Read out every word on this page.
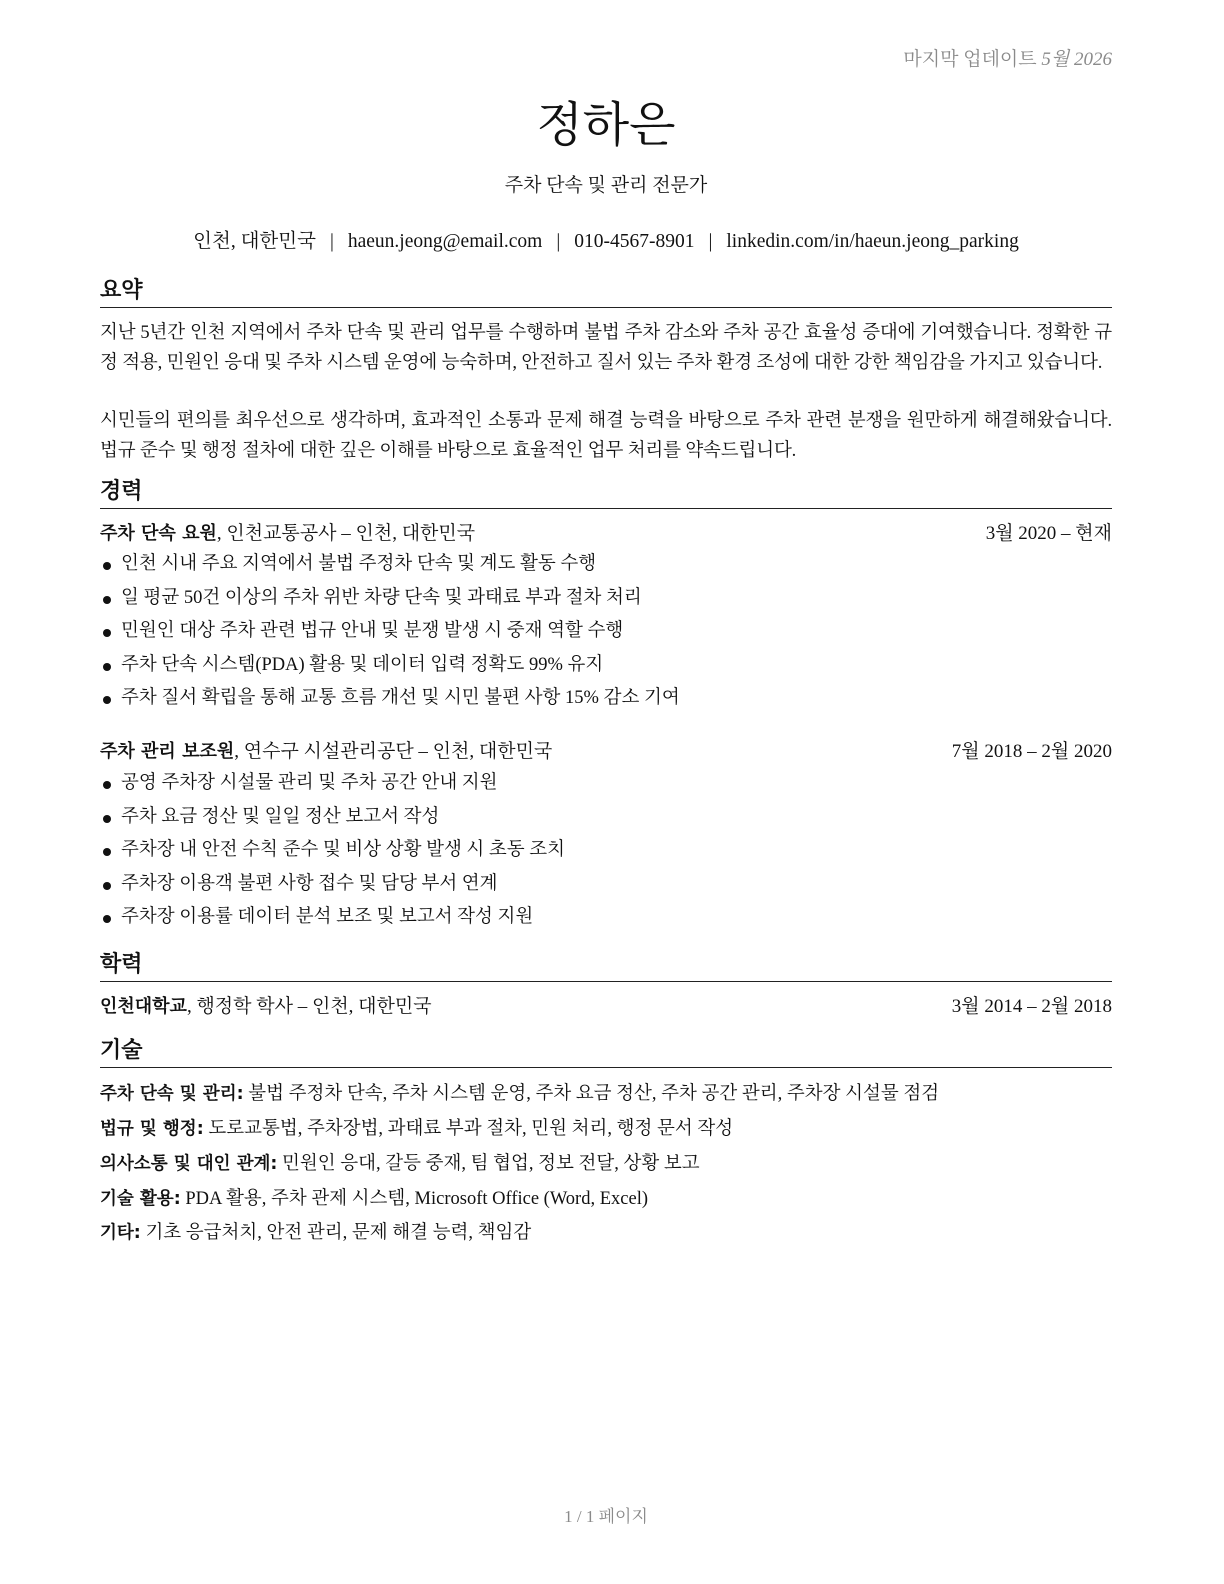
마지막 업데이트 5월 2026
정하은
주차 단속 및 관리 전문가
인천, 대한민국 | haeun.jeong@email.com | 010-4567-8901 | linkedin.com/in/haeun.jeong_parking
요약

지난 5년간 인천 지역에서 주차 단속 및 관리 업무를 수행하며 불법 주차 감소와 주차 공간 효율성 증대에 기여했습니다. 정확한 규정 적용, 민원인 응대 및 주차 시스템 운영에 능숙하며, 안전하고 질서 있는 주차 환경 조성에 대한 강한 책임감을 가지고 있습니다.

시민들의 편의를 최우선으로 생각하며, 효과적인 소통과 문제 해결 능력을 바탕으로 주차 관련 분쟁을 원만하게 해결해왔습니다. 법규 준수 및 행정 절차에 대한 깊은 이해를 바탕으로 효율적인 업무 처리를 약속드립니다.

경력
주차 단속 요원, 인천교통공사 – 인천, 대한민국	3월 2020 – 현재
인천 시내 주요 지역에서 불법 주정차 단속 및 계도 활동 수행
일 평균 50건 이상의 주차 위반 차량 단속 및 과태료 부과 절차 처리
민원인 대상 주차 관련 법규 안내 및 분쟁 발생 시 중재 역할 수행
주차 단속 시스템(PDA) 활용 및 데이터 입력 정확도 99% 유지
주차 질서 확립을 통해 교통 흐름 개선 및 시민 불편 사항 15% 감소 기여
주차 관리 보조원, 연수구 시설관리공단 – 인천, 대한민국	7월 2018 – 2월 2020
공영 주차장 시설물 관리 및 주차 공간 안내 지원
주차 요금 정산 및 일일 정산 보고서 작성
주차장 내 안전 수칙 준수 및 비상 상황 발생 시 초동 조치
주차장 이용객 불편 사항 접수 및 담당 부서 연계
주차장 이용률 데이터 분석 보조 및 보고서 작성 지원
학력
인천대학교, 행정학 학사 – 인천, 대한민국	3월 2014 – 2월 2018
기술
주차 단속 및 관리: 불법 주정차 단속, 주차 시스템 운영, 주차 요금 정산, 주차 공간 관리, 주차장 시설물 점검
법규 및 행정: 도로교통법, 주차장법, 과태료 부과 절차, 민원 처리, 행정 문서 작성
의사소통 및 대인 관계: 민원인 응대, 갈등 중재, 팀 협업, 정보 전달, 상황 보고
기술 활용: PDA 활용, 주차 관제 시스템, Microsoft Office (Word, Excel)
기타: 기초 응급처치, 안전 관리, 문제 해결 능력, 책임감
1 / 1 페이지
